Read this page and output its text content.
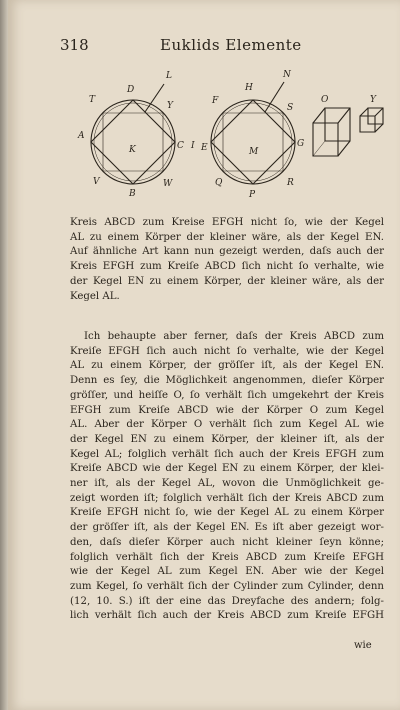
318	Euklids Elemente
D
L
T
Y
A
K	C I
V
B
W
N
H
F
S
E	M
G
Q
P
R
O	Y
Kreis ABCD zum Kreise EFGH nicht ſo, wie der Kegel
AL zu einem Körper der kleiner wäre, als der Kegel EN.
Auf ähnliche Art kann nun gezeigt werden, daſs auch der
Kreis EFGH zum Kreiſe ABCD ſich nicht ſo verhalte, wie
der Kegel EN zu einem Körper, der kleiner wäre, als der
Kegel AL.
Ich behaupte aber ferner, daſs der Kreis ABCD zum
Kreiſe EFGH ſich auch nicht ſo verhalte, wie der Kegel
AL zu einem Körper, der gröſſer iſt, als der Kegel EN.
Denn es ſey, die Möglichkeit angenommen, dieſer Körper
gröſſer, und heiſſe O, ſo verhält ſich umgekehrt der Kreis
EFGH zum Kreiſe ABCD wie der Körper O zum Kegel
AL. Aber der Körper O verhält ſich zum Kegel AL wie
der Kegel EN zu einem Körper, der kleiner iſt, als der
Kegel AL; folglich verhält ſich auch der Kreis EFGH zum
Kreiſe ABCD wie der Kegel EN zu einem Körper, der klei-
ner iſt, als der Kegel AL, wovon die Unmöglichkeit ge-
zeigt worden iſt; folglich verhält ſich der Kreis ABCD zum
Kreiſe EFGH nicht ſo, wie der Kegel AL zu einem Körper
der gröſſer iſt, als der Kegel EN. Es iſt aber gezeigt wor-
den, daſs dieſer Körper auch nicht kleiner ſeyn könne;
folglich verhält ſich der Kreis ABCD zum Kreiſe EFGH
wie der Kegel AL zum Kegel EN. Aber wie der Kegel
zum Kegel, ſo verhält ſich der Cylinder zum Cylinder, denn
(12, 10. S.) iſt der eine das Dreyfache des andern; folg-
lich verhält ſich auch der Kreis ABCD zum Kreiſe EFGH
wie
